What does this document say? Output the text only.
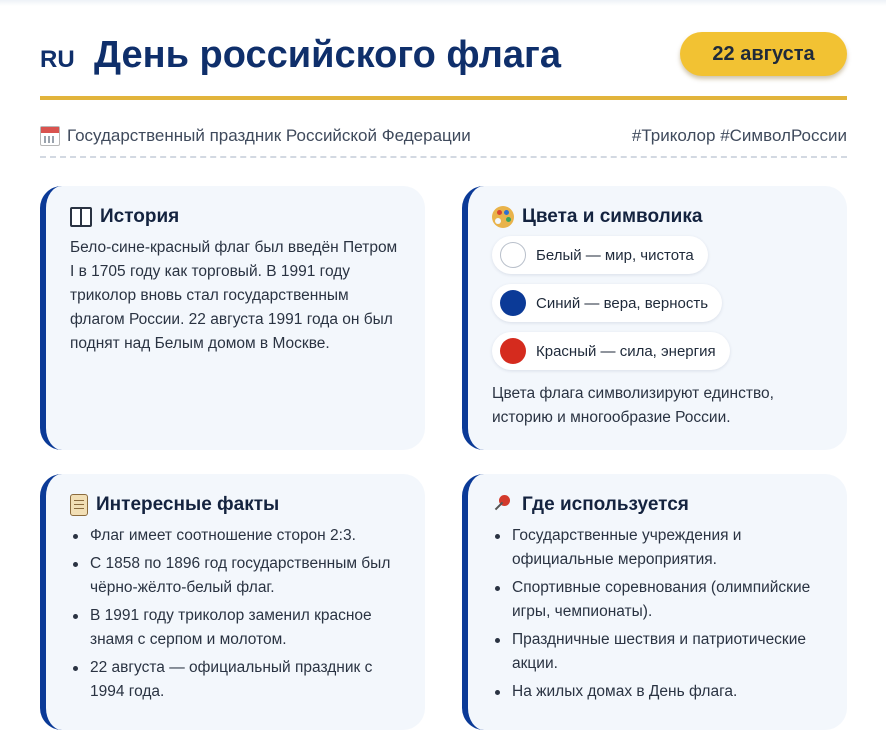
RU День российского флага	22 августа
Государственный праздник Российской Федерации	#Триколор #СимволРоссии
История

Бело-сине-красный флаг был введён Петром I в 1705 году как торговый. В 1991 году триколор вновь стал государственным флагом России. 22 августа 1991 года он был поднят над Белым домом в Москве.

Цвета и символика
Белый — мир, чистота
Синий — вера, верность
Красный — сила, энергия

Цвета флага символизируют единство, историю и многообразие России.

Интересные факты
Флаг имеет соотношение сторон 2:3.
С 1858 по 1896 год государственным был чёрно-жёлто-белый флаг.
В 1991 году триколор заменил красное знамя с серпом и молотом.
22 августа — официальный праздник с 1994 года.
Где используется
Государственные учреждения и официальные мероприятия.
Спортивные соревнования (олимпийские игры, чемпионаты).
Праздничные шествия и патриотические акции.
На жилых домах в День флага.
